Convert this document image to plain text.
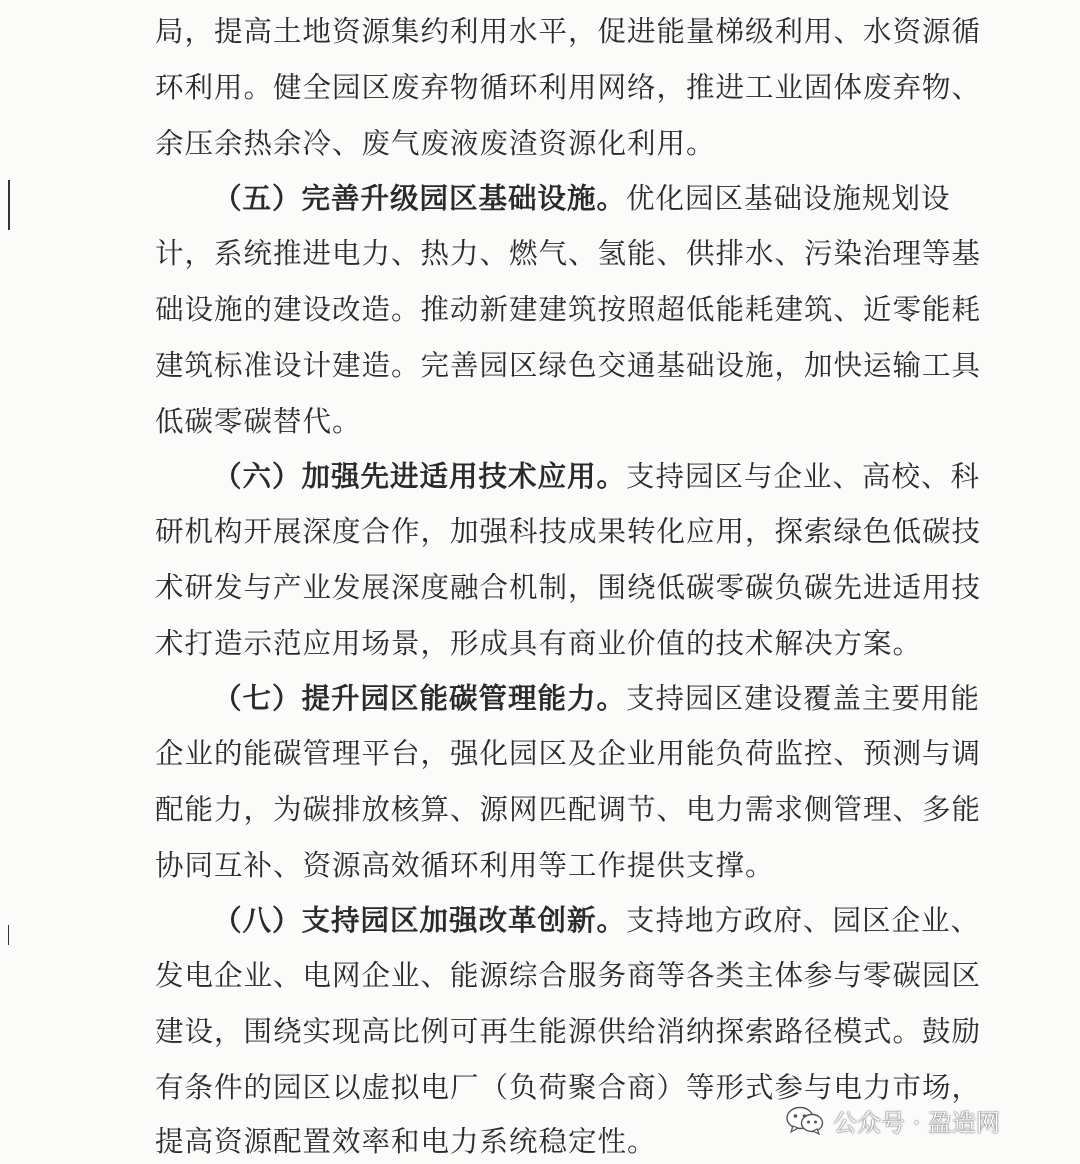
局，提高土地资源集约利用水平，促进能量梯级利用、水资源循
环利用。健全园区废弃物循环利用网络，推进工业固体废弃物、
余压余热余冷、废气废液废渣资源化利用。
（五）完善升级园区基础设施。优化园区基础设施规划设
计，系统推进电力、热力、燃气、氢能、供排水、污染治理等基
础设施的建设改造。推动新建建筑按照超低能耗建筑、近零能耗
建筑标准设计建造。完善园区绿色交通基础设施，加快运输工具
低碳零碳替代。
（六）加强先进适用技术应用。支持园区与企业、高校、科
研机构开展深度合作，加强科技成果转化应用，探索绿色低碳技
术研发与产业发展深度融合机制，围绕低碳零碳负碳先进适用技
术打造示范应用场景，形成具有商业价值的技术解决方案。
（七）提升园区能碳管理能力。支持园区建设覆盖主要用能
企业的能碳管理平台，强化园区及企业用能负荷监控、预测与调
配能力，为碳排放核算、源网匹配调节、电力需求侧管理、多能
协同互补、资源高效循环利用等工作提供支撑。
（八）支持园区加强改革创新。支持地方政府、园区企业、
发电企业、电网企业、能源综合服务商等各类主体参与零碳园区
建设，围绕实现高比例可再生能源供给消纳探索路径模式。鼓励
有条件的园区以虚拟电厂（负荷聚合商）等形式参与电力市场，
提高资源配置效率和电力系统稳定性。
公众号 · 盈造网
